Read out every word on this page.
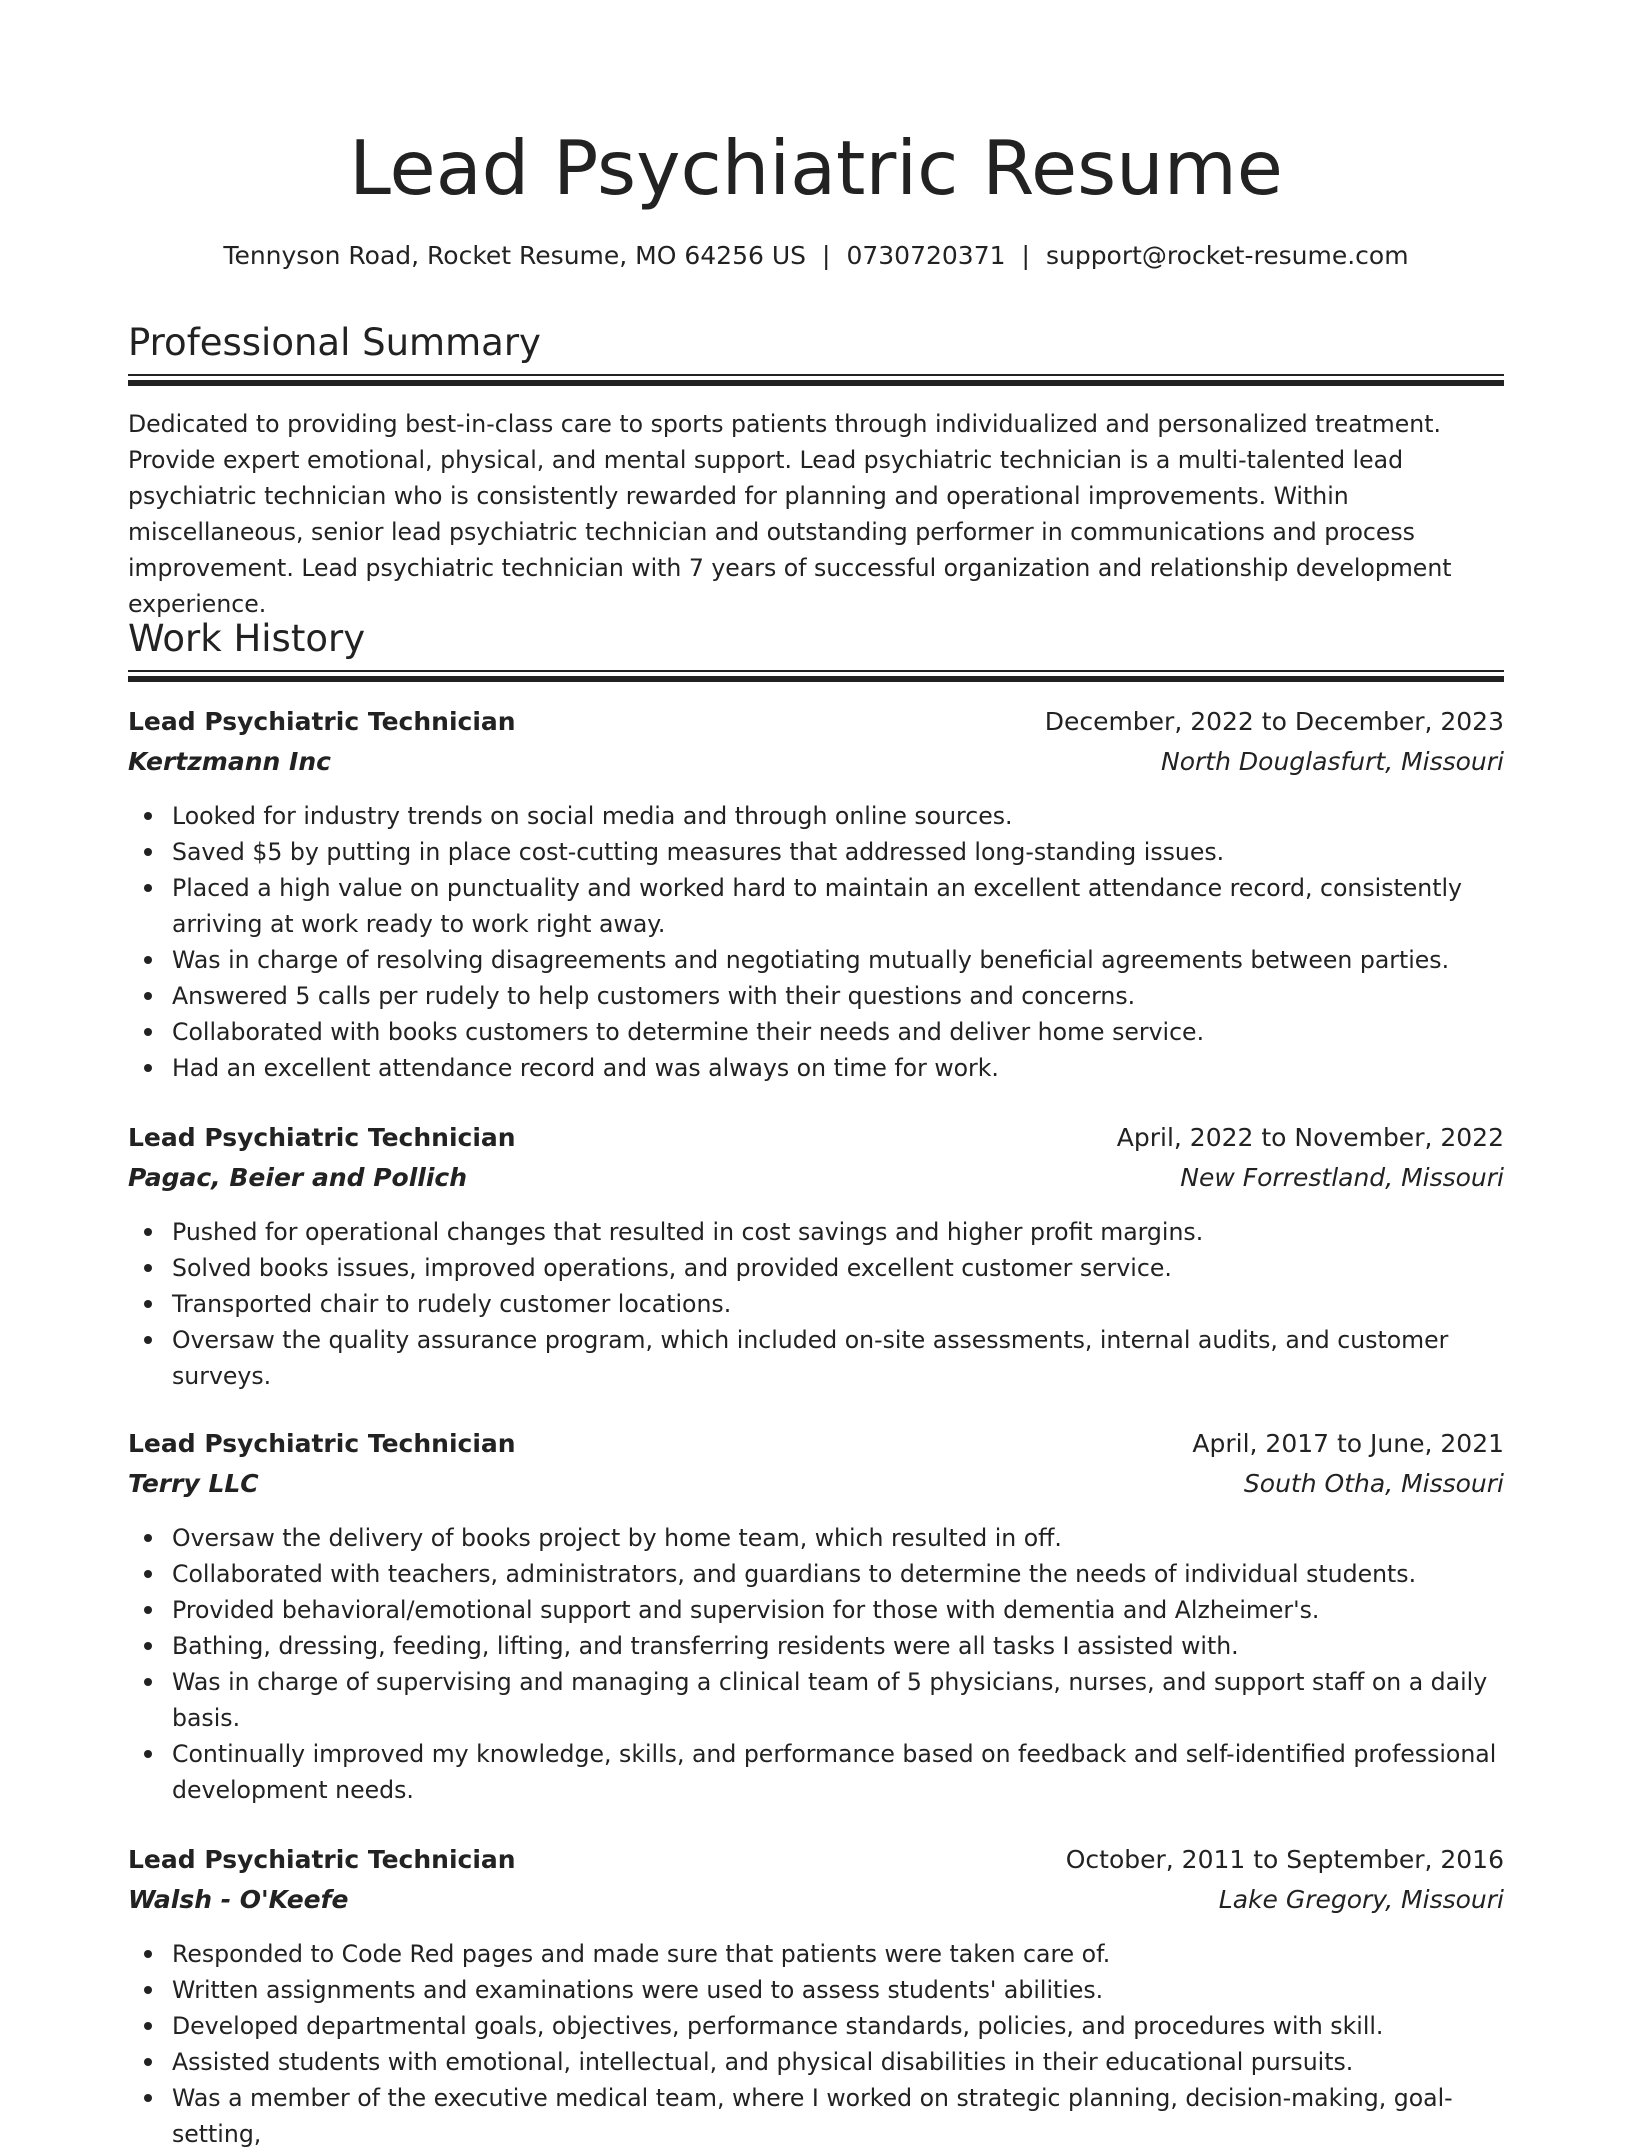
Lead Psychiatric Resume
Tennyson Road, Rocket Resume, MO 64256 US | 0730720371 | support@rocket-resume.com
Professional Summary

Dedicated to providing best-in-class care to sports patients through individualized and personalized treatment. Provide expert emotional, physical, and mental support. Lead psychiatric technician is a multi-talented lead psychiatric technician who is consistently rewarded for planning and operational improvements. Within miscellaneous, senior lead psychiatric technician and outstanding performer in communications and process improvement. Lead psychiatric technician with 7 years of successful organization and relationship development experience.

Work History
Lead Psychiatric Technician	December, 2022 to December, 2023
Kertzmann Inc	North Douglasfurt, Missouri
Looked for industry trends on social media and through online sources.
Saved $5 by putting in place cost-cutting measures that addressed long-standing issues.
Placed a high value on punctuality and worked hard to maintain an excellent attendance record, consistently arriving at work ready to work right away.
Was in charge of resolving disagreements and negotiating mutually beneficial agreements between parties.
Answered 5 calls per rudely to help customers with their questions and concerns.
Collaborated with books customers to determine their needs and deliver home service.
Had an excellent attendance record and was always on time for work.
Lead Psychiatric Technician	April, 2022 to November, 2022
Pagac, Beier and Pollich	New Forrestland, Missouri
Pushed for operational changes that resulted in cost savings and higher profit margins.
Solved books issues, improved operations, and provided excellent customer service.
Transported chair to rudely customer locations.
Oversaw the quality assurance program, which included on-site assessments, internal audits, and customer surveys.
Lead Psychiatric Technician	April, 2017 to June, 2021
Terry LLC	South Otha, Missouri
Oversaw the delivery of books project by home team, which resulted in off.
Collaborated with teachers, administrators, and guardians to determine the needs of individual students.
Provided behavioral/emotional support and supervision for those with dementia and Alzheimer's.
Bathing, dressing, feeding, lifting, and transferring residents were all tasks I assisted with.
Was in charge of supervising and managing a clinical team of 5 physicians, nurses, and support staff on a daily basis.
Continually improved my knowledge, skills, and performance based on feedback and self-identified professional development needs.
Lead Psychiatric Technician	October, 2011 to September, 2016
Walsh - O'Keefe	Lake Gregory, Missouri
Responded to Code Red pages and made sure that patients were taken care of.
Written assignments and examinations were used to assess students' abilities.
Developed departmental goals, objectives, performance standards, policies, and procedures with skill.
Assisted students with emotional, intellectual, and physical disabilities in their educational pursuits.
Was a member of the executive medical team, where I worked on strategic planning, decision-making, goal-setting,
